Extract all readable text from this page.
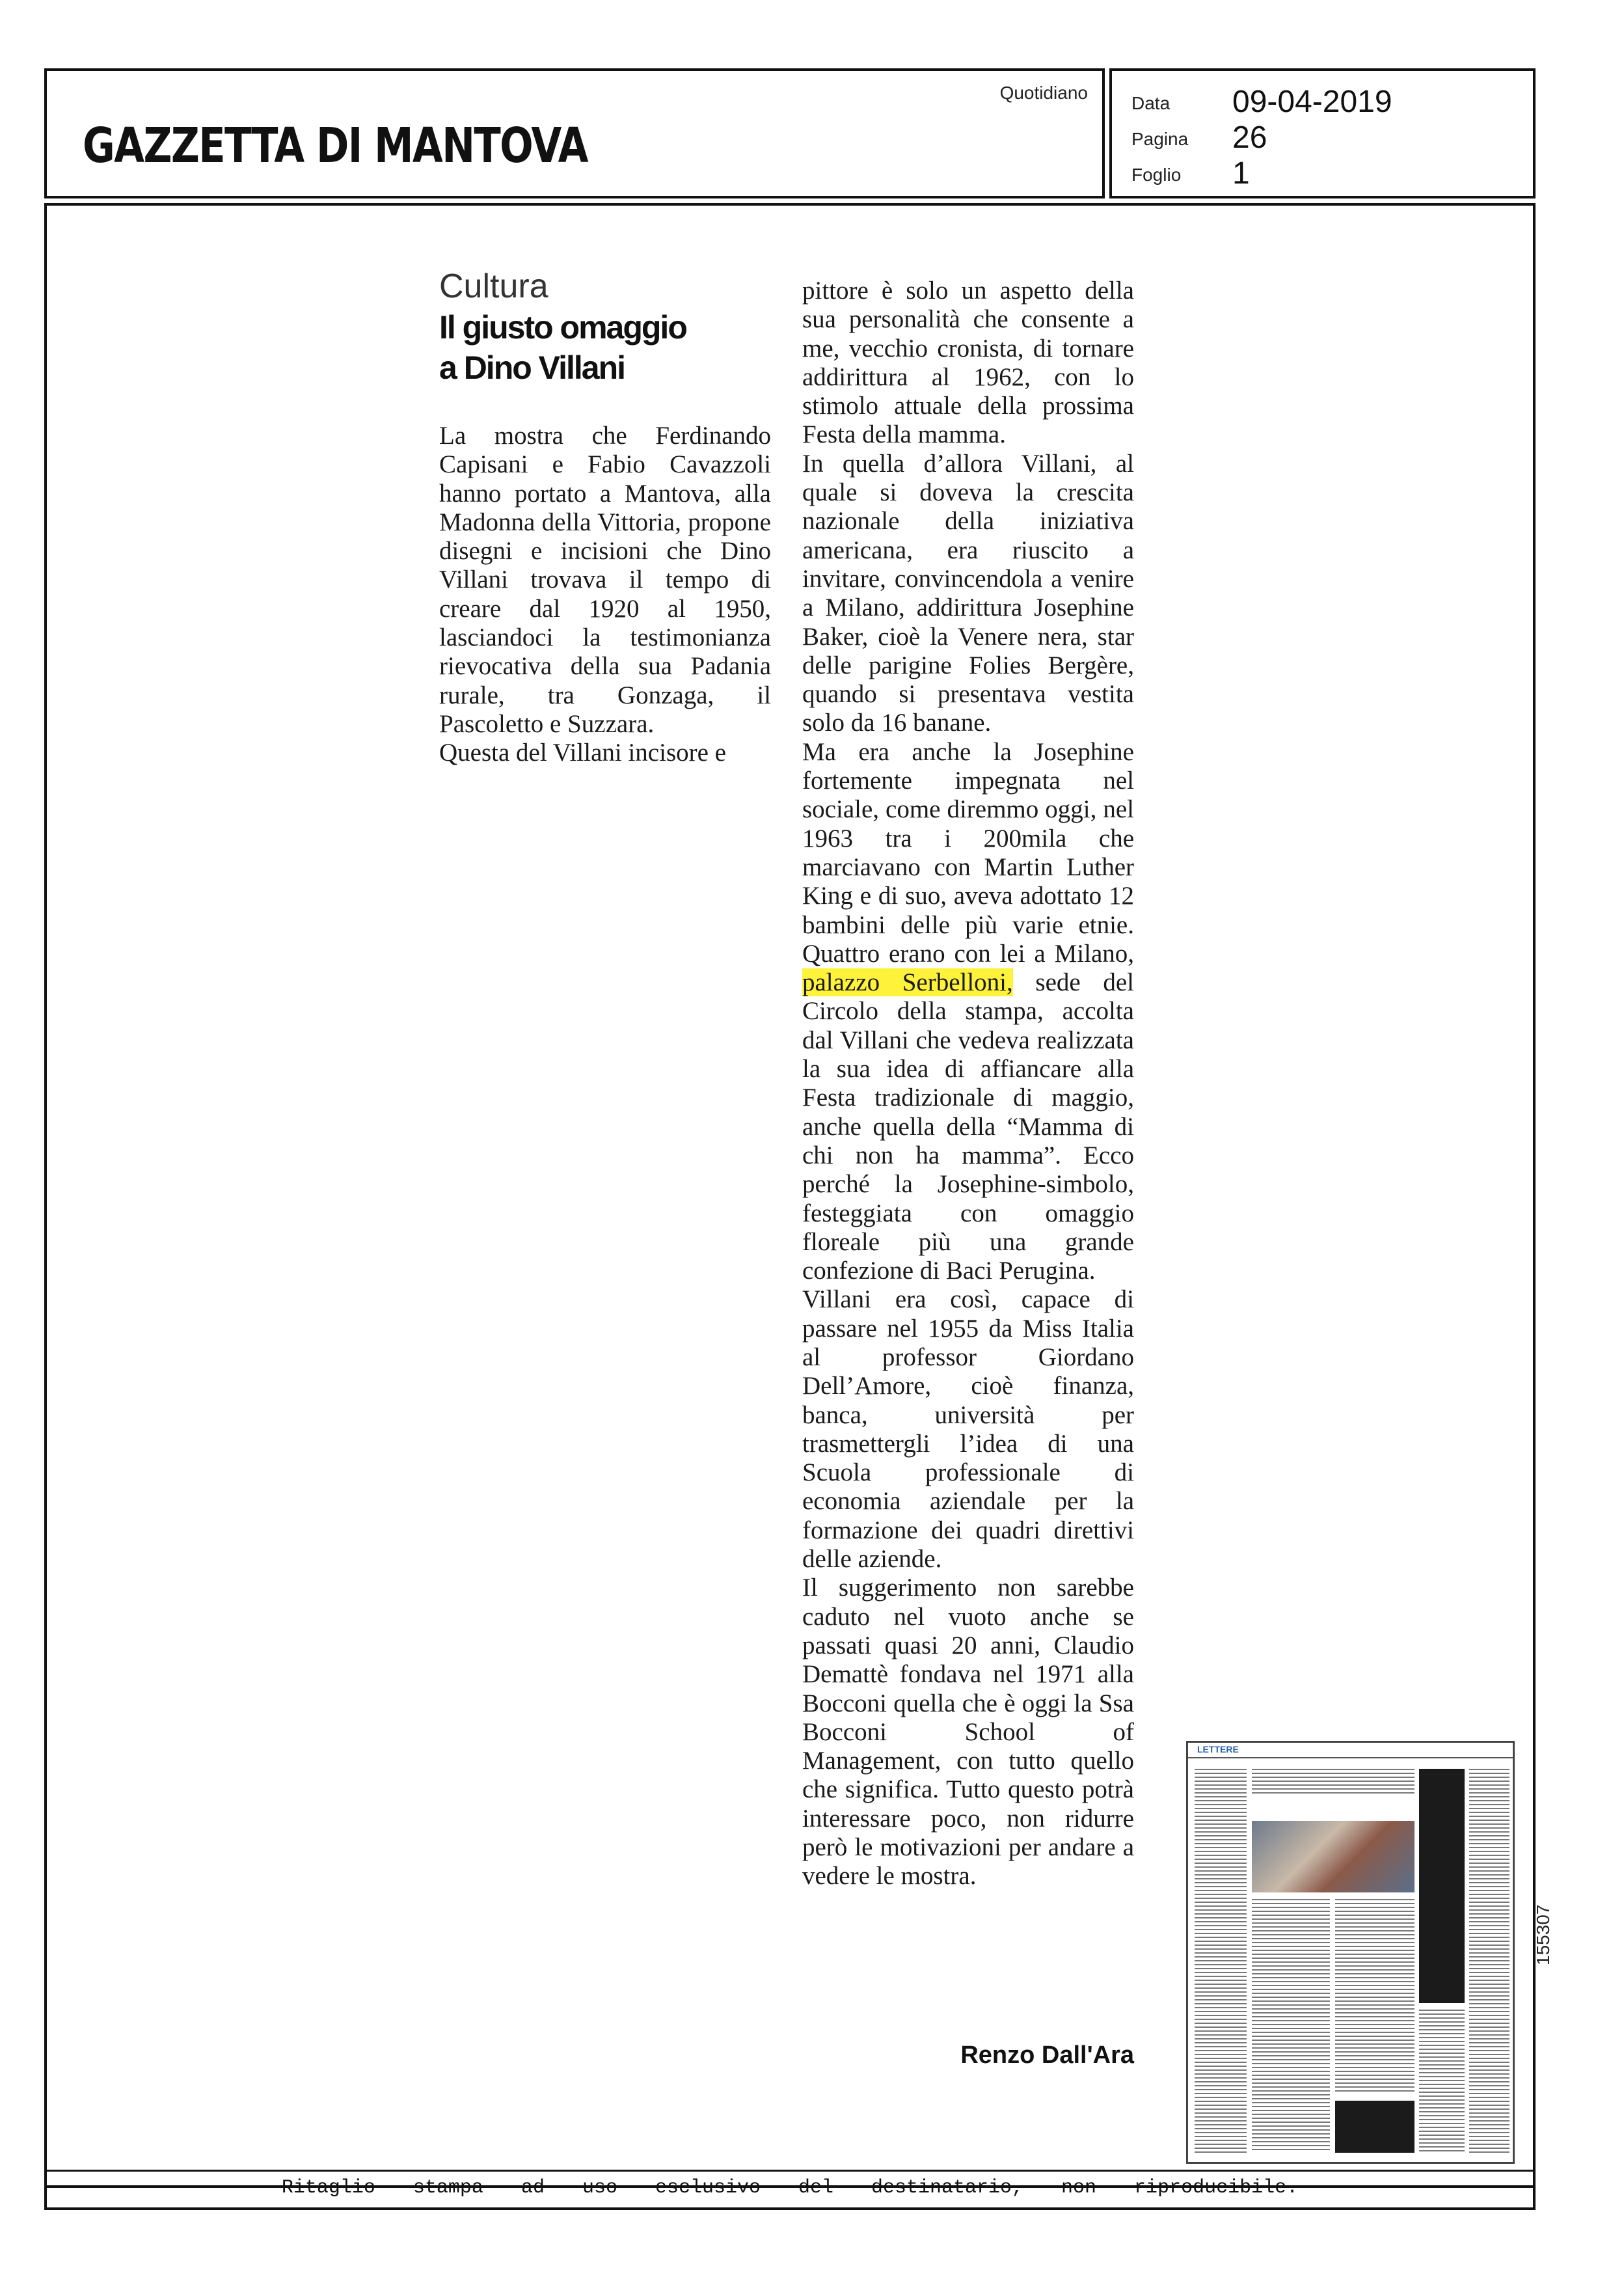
GAZZETTA DI MANTOVA
Quotidiano
Data 09-04-2019
Pagina 26
Foglio 1
Cultura
Il giusto omaggio
a Dino Villani

La mostra che Ferdinando Capisani e Fabio Cavazzoli hanno portato a Mantova, alla Madonna della Vittoria, propone disegni e incisioni che Dino Villani trovava il tempo di creare dal 1920 al 1950, lasciandoci la testimonianza rievocativa della sua Padania rurale, tra Gonzaga, il Pascoletto e Suzzara.

Questa del Villani incisore e

pittore è solo un aspetto della sua personalità che consente a me, vecchio cronista, di tornare addirittura al 1962, con lo stimolo attuale della prossima Festa della mamma.

In quella d’allora Villani, al quale si doveva la crescita nazionale della iniziativa americana, era riuscito a invitare, convincendola a venire a Milano, addirittura Josephine Baker, cioè la Venere nera, star delle parigine Folies Bergère, quando si presentava vestita solo da 16 banane.

Ma era anche la Josephine fortemente impegnata nel sociale, come diremmo oggi, nel 1963 tra i 200mila che marciavano con Martin Luther King e di suo, aveva adottato 12 bambini delle più varie etnie. Quattro erano con lei a Milano, palazzo Serbelloni, sede del Circolo della stampa, accolta dal Villani che vedeva realizzata la sua idea di affiancare alla Festa tradizionale di maggio, anche quella della “Mamma di chi non ha mamma”. Ecco perché la Josephine-simbolo, festeggiata con omaggio floreale più una grande confezione di Baci Perugina.

Villani era così, capace di passare nel 1955 da Miss Italia al professor Giordano Dell’Amore, cioè finanza, banca, università per trasmettergli l’idea di una Scuola professionale di economia aziendale per la formazione dei quadri direttivi delle aziende.

Il suggerimento non sarebbe caduto nel vuoto anche se passati quasi 20 anni, Claudio Demattè fondava nel 1971 alla Bocconi quella che è oggi la Ssa Bocconi School of Management, con tutto quello che significa. Tutto questo potrà interessare poco, non ridurre però le motivazioni per andare a vedere le mostra.

Renzo Dall'Ara
LETTERE
155307
Ritaglio stampa ad uso esclusivo del destinatario, non riproducibile.
